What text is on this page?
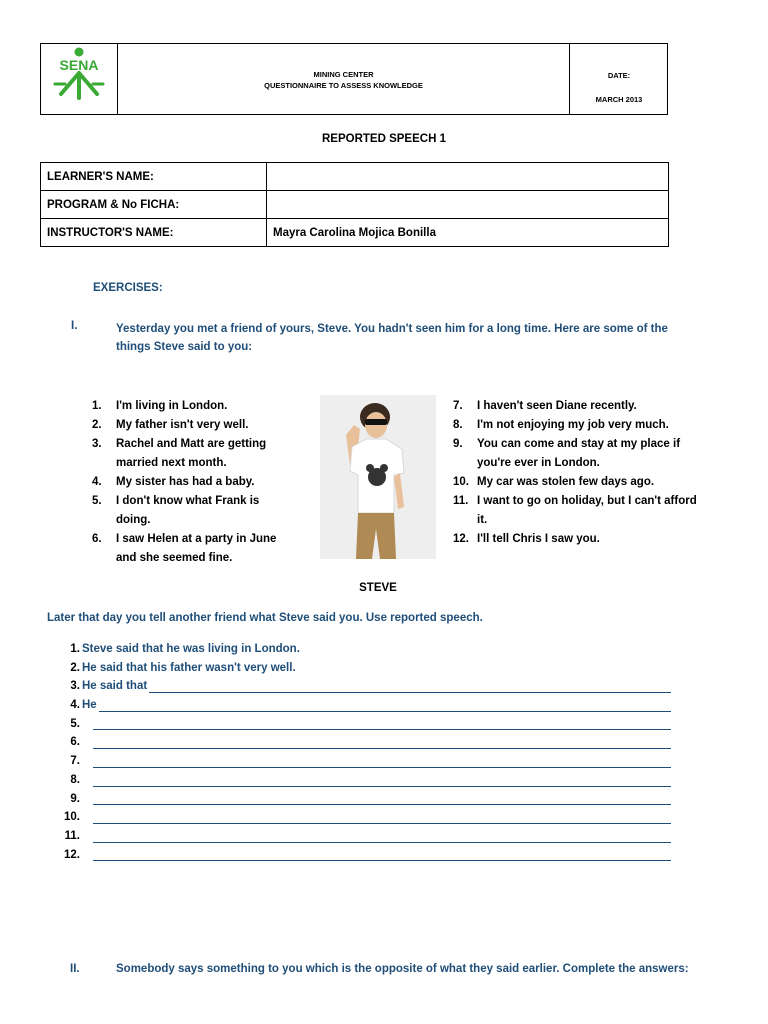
SENA
MINING CENTER
QUESTIONNAIRE TO ASSESS KNOWLEDGE
DATE:
MARCH 2013
REPORTED SPEECH 1
LEARNER'S NAME:	
PROGRAM & No FICHA:	
INSTRUCTOR'S NAME:	Mayra Carolina Mojica Bonilla
EXERCISES:
I.	Yesterday you met a friend of yours, Steve. You hadn't seen him for a long time. Here are some of the
things Steve said to you:
1.	I'm living in London.
2.	My father isn't very well.
3.	Rachel and Matt are getting
married next month.
4.	My sister has had a baby.
5.	I don't know what Frank is
doing.
6.	I saw Helen at a party in June
and she seemed fine.
7.	I haven't seen Diane recently.
8.	I'm not enjoying my job very much.
9.	You can come and stay at my place if
you're ever in London.
10. My car was stolen few days ago.
11. I want to go on holiday, but I can't afford
it.
12. I'll tell Chris I saw you.
STEVE
Later that day you tell another friend what Steve said you. Use reported speech.
1. Steve said that he was living in London.
2. He said that his father wasn't very well.
3. He said that
4. He
5.
6.
7.
8.
9.
10.
11.
12.
II.	Somebody says something to you which is the opposite of what they said earlier. Complete the answers:
